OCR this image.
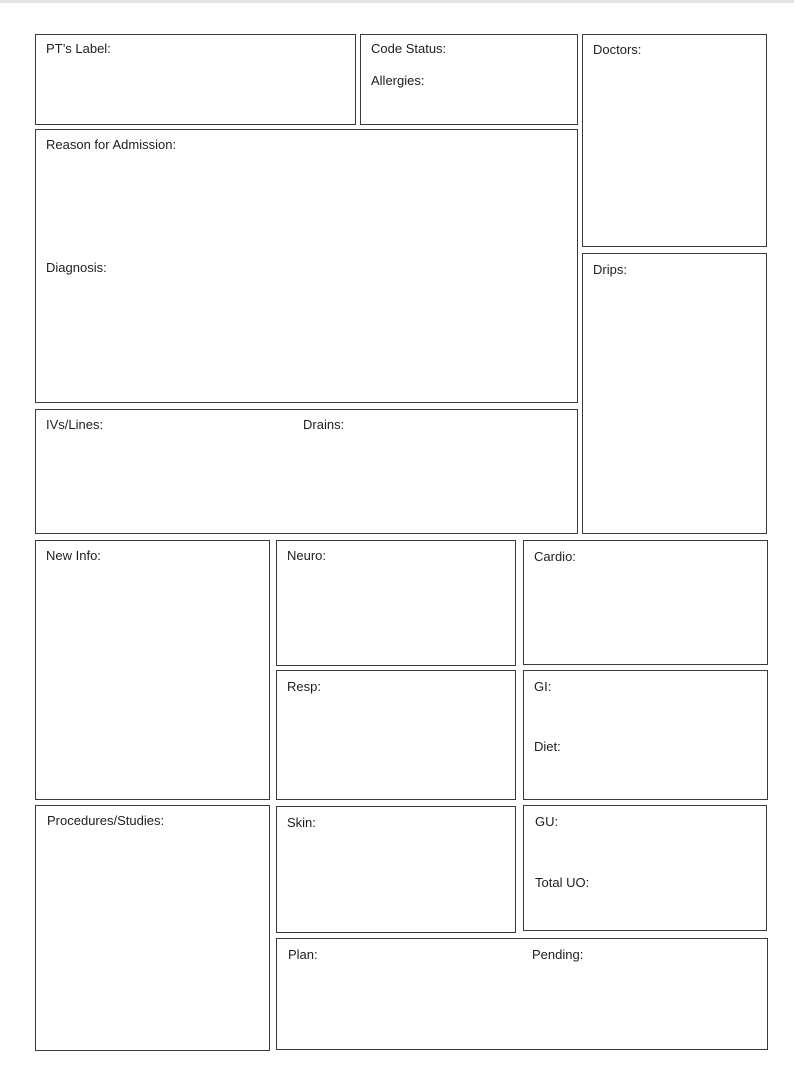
PT’s Label:	Code Status:
Allergies:
Doctors:
Reason for Admission:
Diagnosis:	Drips:
IVs/Lines:	Drains:
New Info:	Neuro:	Cardio:
Resp:	GI:
Diet:
Procedures/Studies:	Skin:	GU:
Total UO:
Plan:	Pending:
